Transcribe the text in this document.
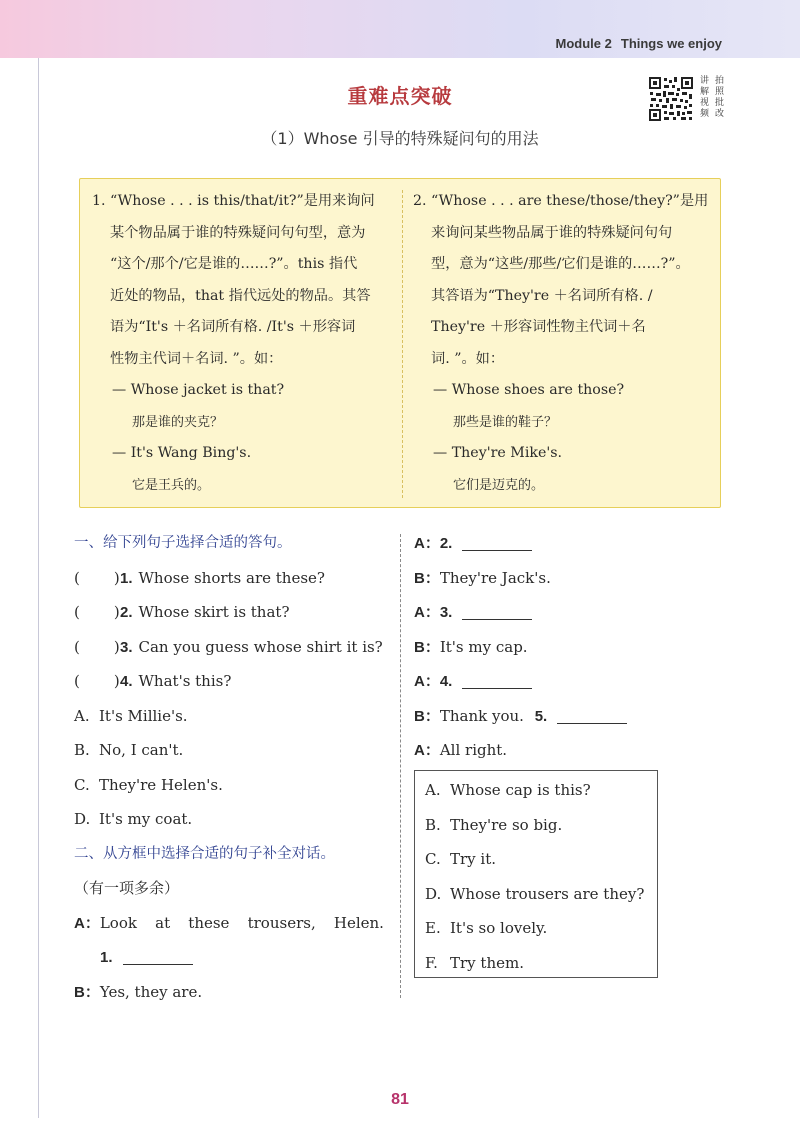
Module 2 Things we enjoy
重难点突破
（1）Whose 引导的特殊疑问句的用法
讲
解
视
频
拍
照
批
改

1. “Whose . . . is this/that/it?”是用来询问

某个物品属于谁的特殊疑问句句型，意为

“这个/那个/它是谁的……?”。this 指代

近处的物品，that 指代远处的物品。其答

语为“It's ＋名词所有格. /It's ＋形容词

性物主代词＋名词. ”。如：

— Whose jacket is that?

那是谁的夹克？

— It's Wang Bing's.

它是王兵的。

2. “Whose . . . are these/those/they?”是用

来询问某些物品属于谁的特殊疑问句句

型，意为“这些/那些/它们是谁的……?”。

其答语为“They're ＋名词所有格. /

They're ＋形容词性物主代词＋名

词. ”。如：

— Whose shoes are those?

那些是谁的鞋子？

— They're Mike's.

它们是迈克的。

一、给下列句子选择合适的答句。
( )1. Whose shorts are these?
( )2. Whose skirt is that?
( )3. Can you guess whose shirt it is?
( )4. What's this?
A. It's Millie's.
B. No, I can't.
C. They're Helen's.
D. It's my coat.
二、从方框中选择合适的句子补全对话。
（有一项多余）
A：Look at these trousers, Helen.
1.
B：Yes, they are.
A：2.
B：They're Jack's.
A：3.
B：It's my cap.
A：4.
B：Thank you. 5.
A：All right.
A. Whose cap is this?
B. They're so big.
C. Try it.
D. Whose trousers are they?
E. It's so lovely.
F. Try them.
81
